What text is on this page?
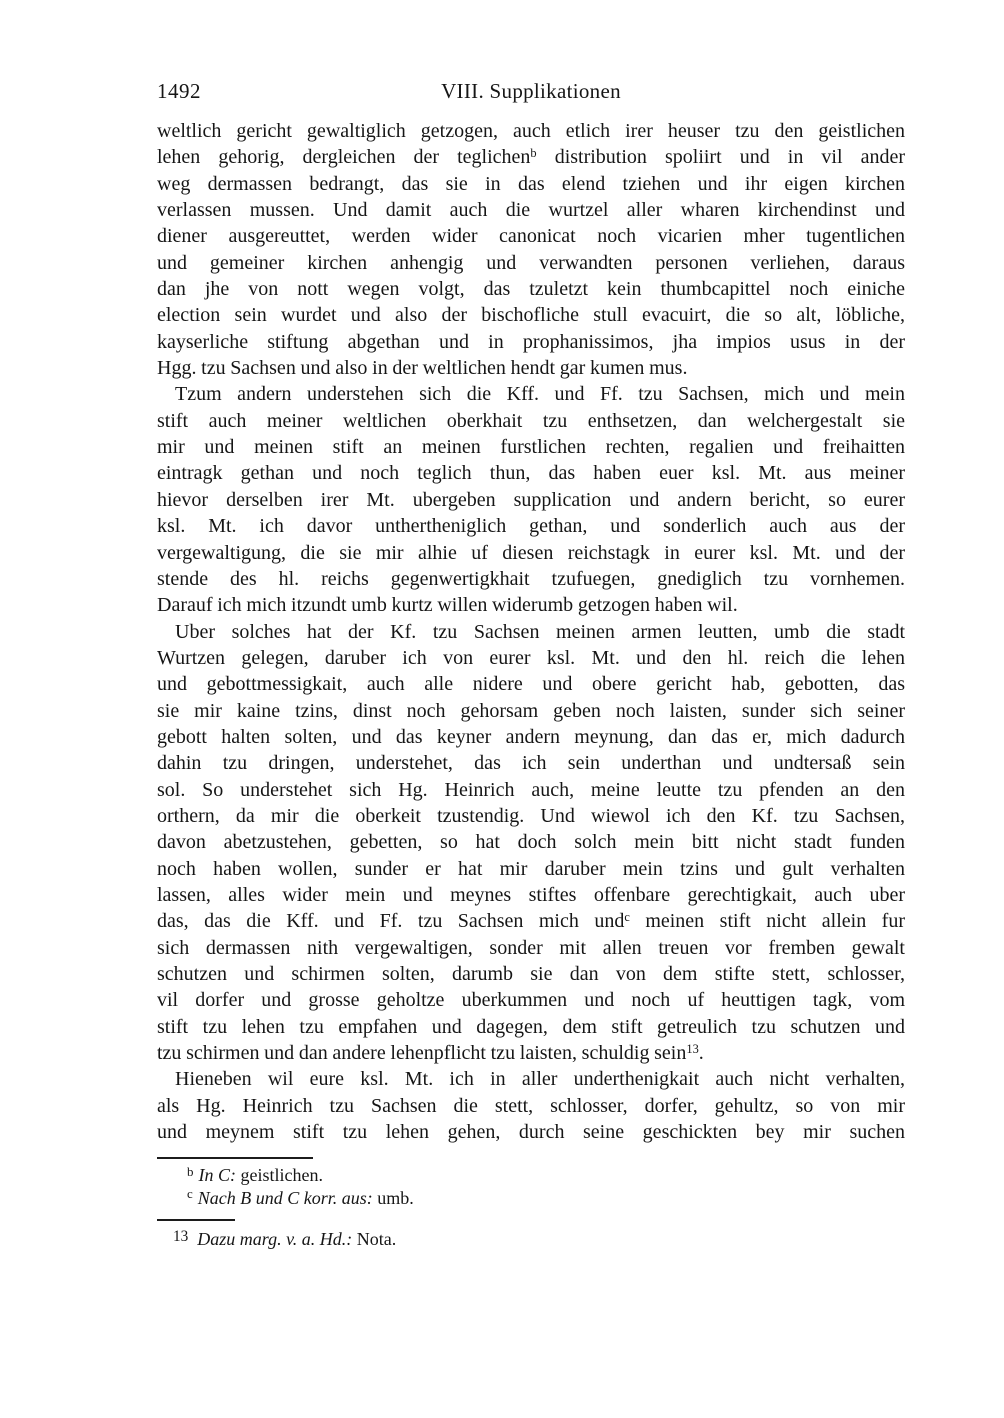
1492	VIII. Supplikationen
weltlich gericht gewaltiglich getzogen, auch etlich irer heuser tzu den geistlichen
lehen gehorig, dergleichen der teglichen$^b$ distribution spoliirt und in vil ander
weg dermassen bedrangt, das sie in das elend tziehen und ihr eigen kirchen
verlassen mussen. Und damit auch die wurtzel aller wharen kirchendinst und
diener ausgereuttet, werden wider canonicat noch vicarien mher tugentlichen
und gemeiner kirchen anhengig und verwandten personen verliehen, daraus
dan jhe von nott wegen volgt, das tzuletzt kein thumbcapittel noch einiche
election sein wurdet und also der bischofliche stull evacuirt, die so alt, löbliche,
kayserliche stiftung abgethan und in prophanissimos, jha impios usus in der
Hgg. tzu Sachsen und also in der weltlichen hendt gar kumen mus.
Tzum andern understehen sich die Kff. und Ff. tzu Sachsen, mich und mein
stift auch meiner weltlichen oberkhait tzu enthsetzen, dan welchergestalt sie
mir und meinen stift an meinen furstlichen rechten, regalien und freihaitten
eintragk gethan und noch teglich thun, das haben euer ksl. Mt. aus meiner
hievor derselben irer Mt. ubergeben supplication und andern bericht, so eurer
ksl. Mt. ich davor unthertheniglich gethan, und sonderlich auch aus der
vergewaltigung, die sie mir alhie uf diesen reichstagk in eurer ksl. Mt. und der
stende des hl. reichs gegenwertigkhait tzufuegen, gnediglich tzu vornhemen.
Darauf ich mich itzundt umb kurtz willen widerumb getzogen haben wil.
Uber solches hat der Kf. tzu Sachsen meinen armen leutten, umb die stadt
Wurtzen gelegen, daruber ich von eurer ksl. Mt. und den hl. reich die lehen
und gebottmessigkait, auch alle nidere und obere gericht hab, gebotten, das
sie mir kaine tzins, dinst noch gehorsam geben noch laisten, sunder sich seiner
gebott halten solten, und das keyner andern meynung, dan das er, mich dadurch
dahin tzu dringen, understehet, das ich sein underthan und undtersaß sein
sol. So understehet sich Hg. Heinrich auch, meine leutte tzu pfenden an den
orthern, da mir die oberkeit tzustendig. Und wiewol ich den Kf. tzu Sachsen,
davon abetzustehen, gebetten, so hat doch solch mein bitt nicht stadt funden
noch haben wollen, sunder er hat mir daruber mein tzins und gult verhalten
lassen, alles wider mein und meynes stiftes offenbare gerechtigkait, auch uber
das, das die Kff. und Ff. tzu Sachsen mich und$^c$ meinen stift nicht allein fur
sich dermassen nith vergewaltigen, sonder mit allen treuen vor fremben gewalt
schutzen und schirmen solten, darumb sie dan von dem stifte stett, schlosser,
vil dorfer und grosse geholtze uberkummen und noch uf heuttigen tagk, vom
stift tzu lehen tzu empfahen und dagegen, dem stift getreulich tzu schutzen und
tzu schirmen und dan andere lehenpflicht tzu laisten, schuldig sein$^{13}$.
Hieneben wil eure ksl. Mt. ich in aller underthenigkait auch nicht verhalten,
als Hg. Heinrich tzu Sachsen die stett, schlosser, dorfer, gehultz, so von mir
und meynem stift tzu lehen gehen, durch seine geschickten bey mir suchen
$^b$ In C: geistlichen.
$^c$ Nach B und C korr. aus: umb.
13 Dazu marg. v. a. Hd.: Nota.
